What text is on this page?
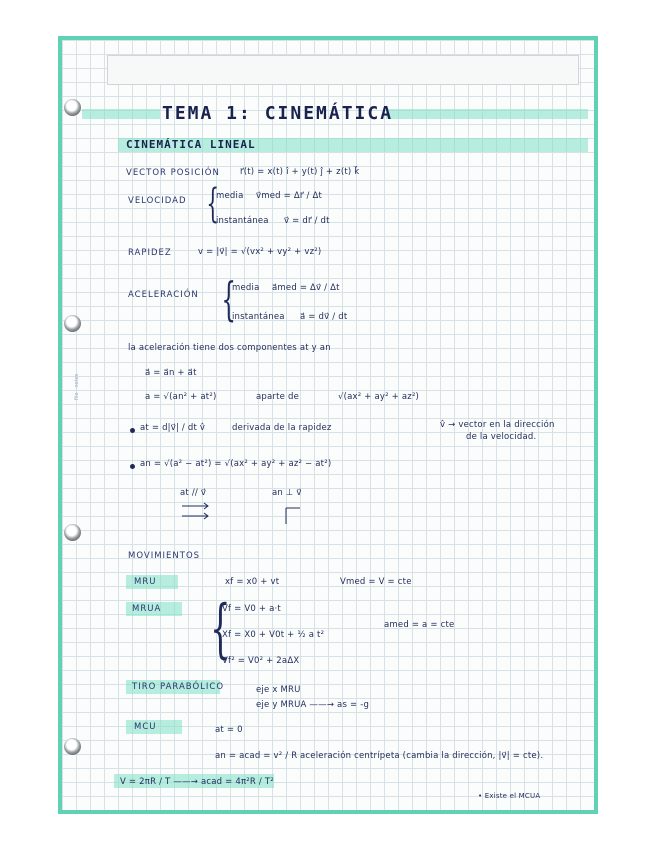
TEMA 1: CINEMÁTICA
CINEMÁTICA LINEAL
VECTOR POSICIÓN r⃗(t) = x(t) î + y(t) ĵ + z(t) k⃗
VELOCIDAD {
media v⃗med = Δr⃗ / Δt
instantánea v⃗ = dr⃗ / dt
RAPIDEZ	v = |v⃗| = √(vx² + vy² + vz²)
ACELERACIÓN {
media a⃗med = Δv⃗ / Δt
instantánea a⃗ = dv⃗ / dt
la aceleración tiene dos componentes at y an
a⃗ = a⃗n + a⃗t
a = √(an² + at²)	aparte de	√(ax² + ay² + az²)
at = d|v⃗| / dt v̂	derivada de la rapidez	v̂ → vector en la dirección
de la velocidad.
an = √(a² − at²) = √(ax² + ay² + az² − at²)
at // v⃗	an ⊥ v⃗
MOVIMIENTOS
MRU	xf = x0 + vt	Vmed = V = cte
MRUA {
Vf = V0 + a·t
Xf = X0 + V0t + ½ a t²
Vf² = V0² + 2aΔX
amed = a = cte
TIRO PARABÓLICO	eje x MRU
eje y MRUA ——→ as = -g
MCU	at = 0
an = acad = v² / R aceleración centrípeta (cambia la dirección, |v⃗| = cte).
V = 2πR / T ——→ acad = 4π²R / T²
• Existe el MCUA
file · notes
